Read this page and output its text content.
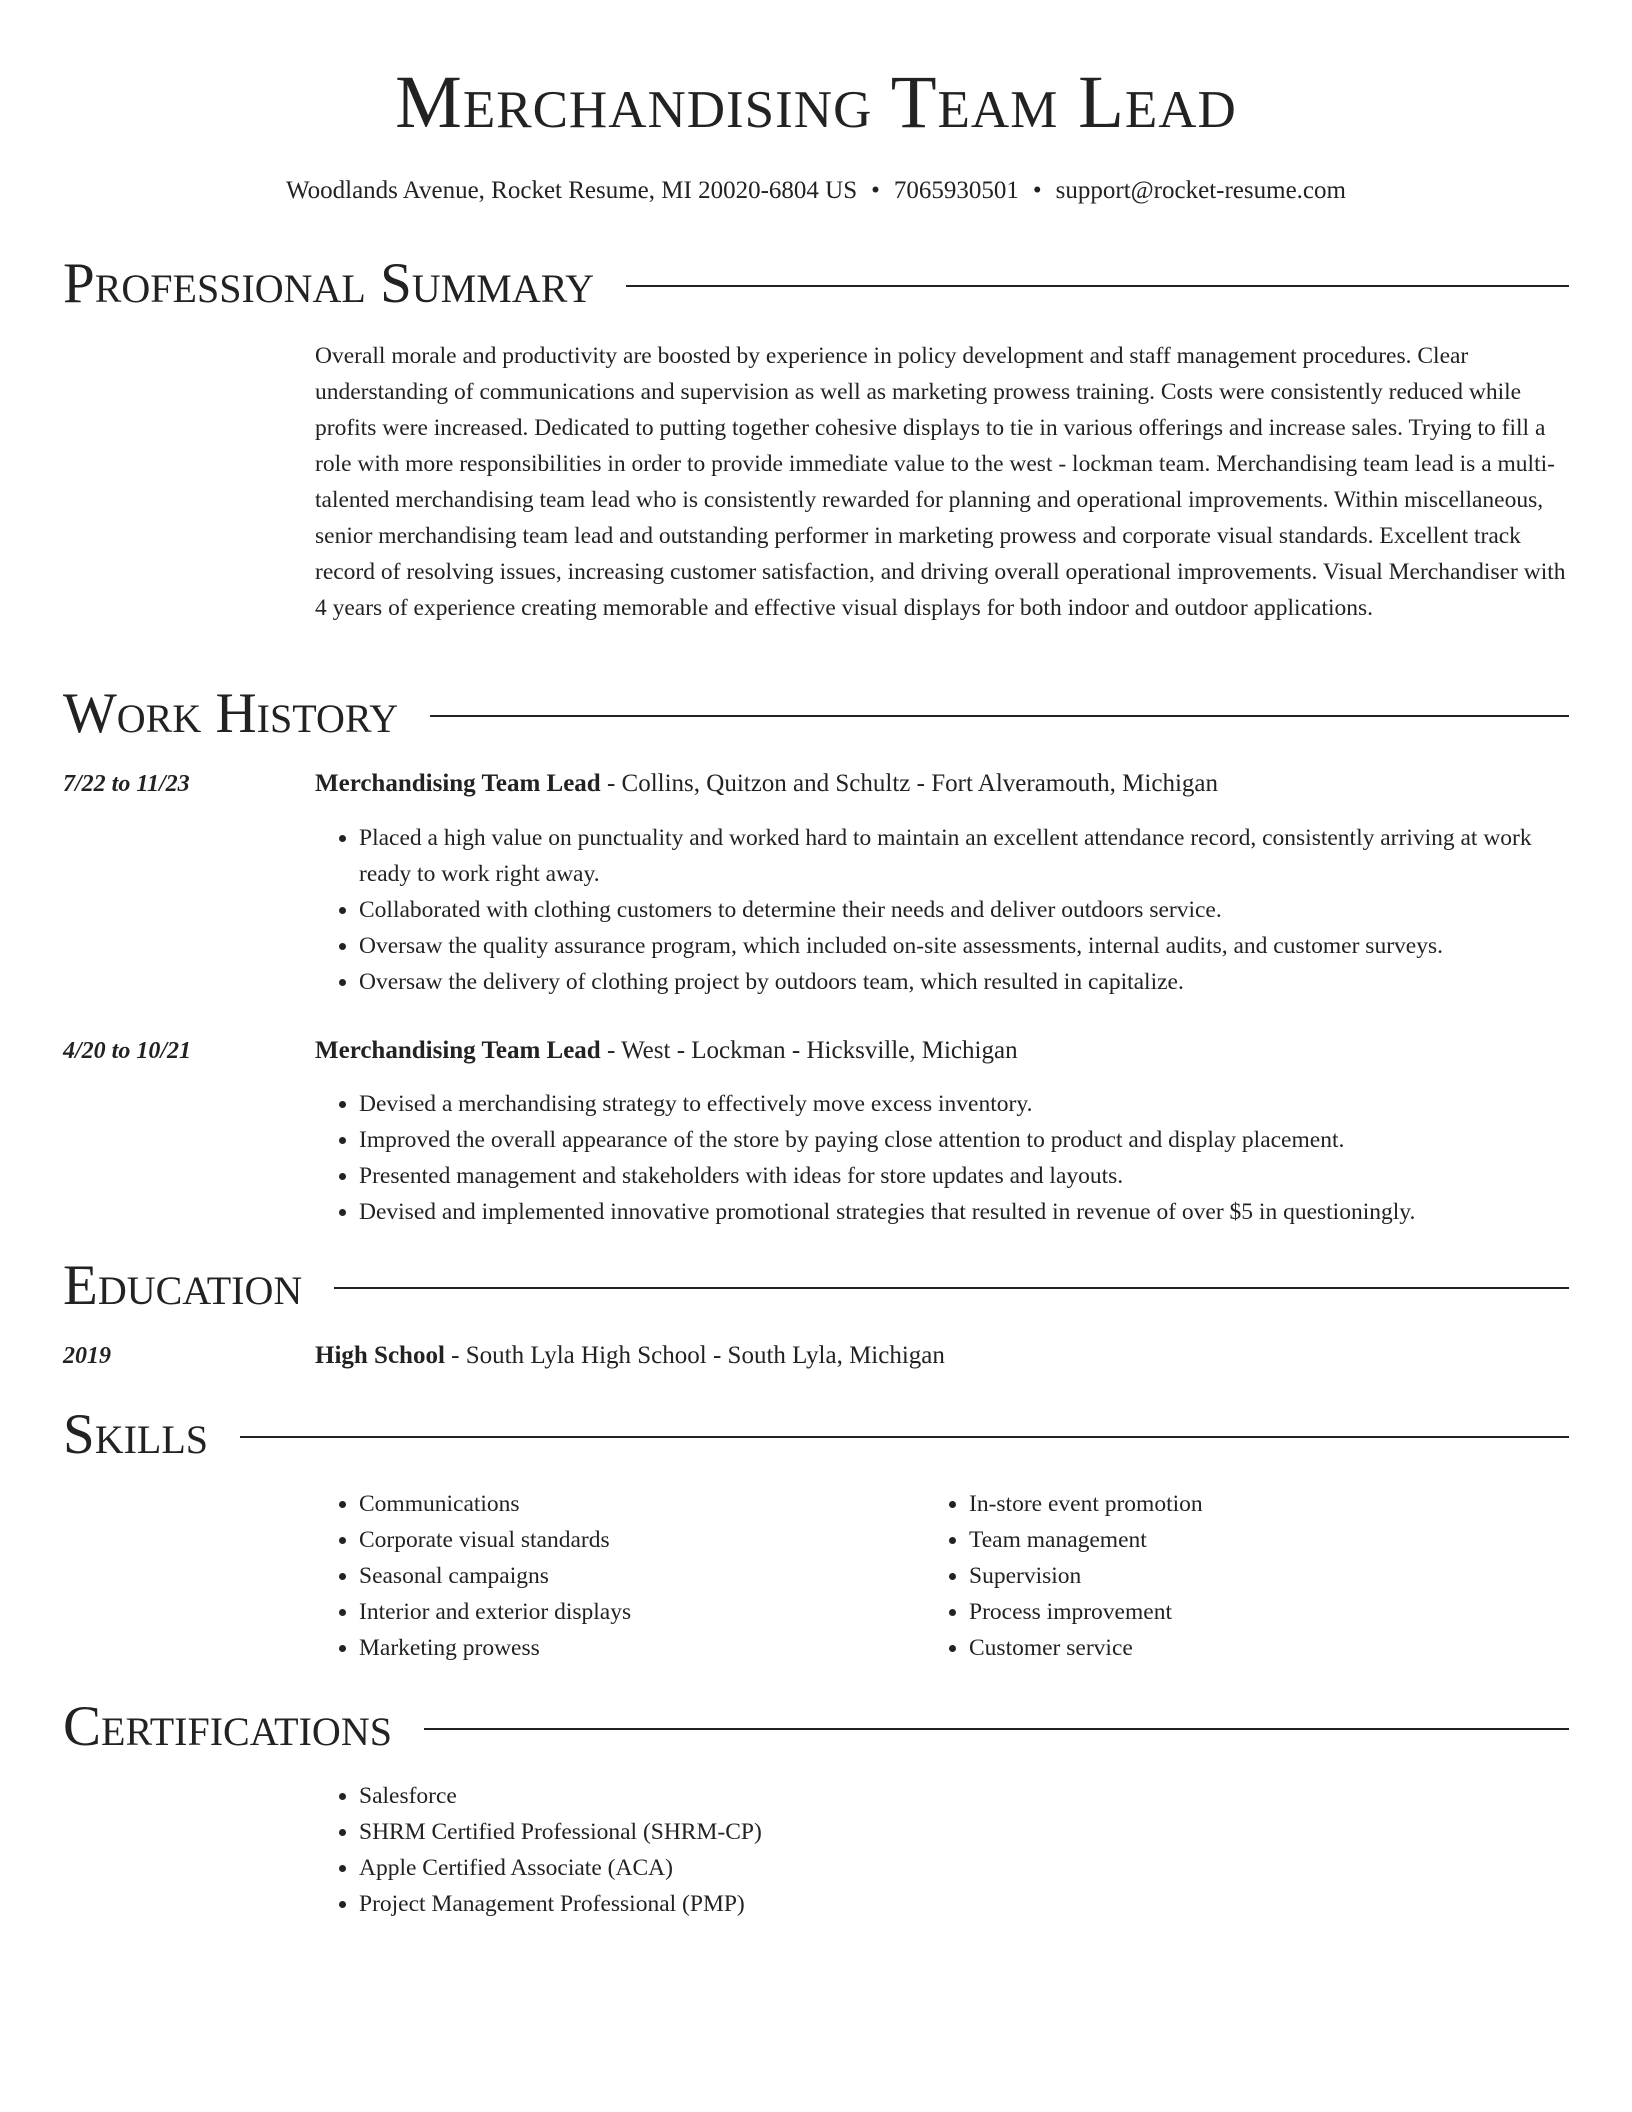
Merchandising Team Lead
Woodlands Avenue, Rocket Resume, MI 20020-6804 US • 7065930501 • support@rocket-resume.com
Professional Summary

Overall morale and productivity are boosted by experience in policy development and staff management procedures. Clear understanding of communications and supervision as well as marketing prowess training. Costs were consistently reduced while profits were increased. Dedicated to putting together cohesive displays to tie in various offerings and increase sales. Trying to fill a role with more responsibilities in order to provide immediate value to the west - lockman team. Merchandising team lead is a multi-talented merchandising team lead who is consistently rewarded for planning and operational improvements. Within miscellaneous, senior merchandising team lead and outstanding performer in marketing prowess and corporate visual standards. Excellent track record of resolving issues, increasing customer satisfaction, and driving overall operational improvements. Visual Merchandiser with 4 years of experience creating memorable and effective visual displays for both indoor and outdoor applications.

Work History
7/22 to 11/23	Merchandising Team Lead - Collins, Quitzon and Schultz - Fort Alveramouth, Michigan
• Placed a high value on punctuality and worked hard to maintain an excellent attendance record, consistently arriving at work ready to work right away.
• Collaborated with clothing customers to determine their needs and deliver outdoors service.
• Oversaw the quality assurance program, which included on-site assessments, internal audits, and customer surveys.
• Oversaw the delivery of clothing project by outdoors team, which resulted in capitalize.
4/20 to 10/21	Merchandising Team Lead - West - Lockman - Hicksville, Michigan
• Devised a merchandising strategy to effectively move excess inventory.
• Improved the overall appearance of the store by paying close attention to product and display placement.
• Presented management and stakeholders with ideas for store updates and layouts.
• Devised and implemented innovative promotional strategies that resulted in revenue of over $5 in questioningly.
Education
2019	High School - South Lyla High School - South Lyla, Michigan
Skills
• Communications
• Corporate visual standards
• Seasonal campaigns
• Interior and exterior displays
• Marketing prowess
• In-store event promotion
• Team management
• Supervision
• Process improvement
• Customer service
Certifications
• Salesforce
• SHRM Certified Professional (SHRM-CP)
• Apple Certified Associate (ACA)
• Project Management Professional (PMP)
